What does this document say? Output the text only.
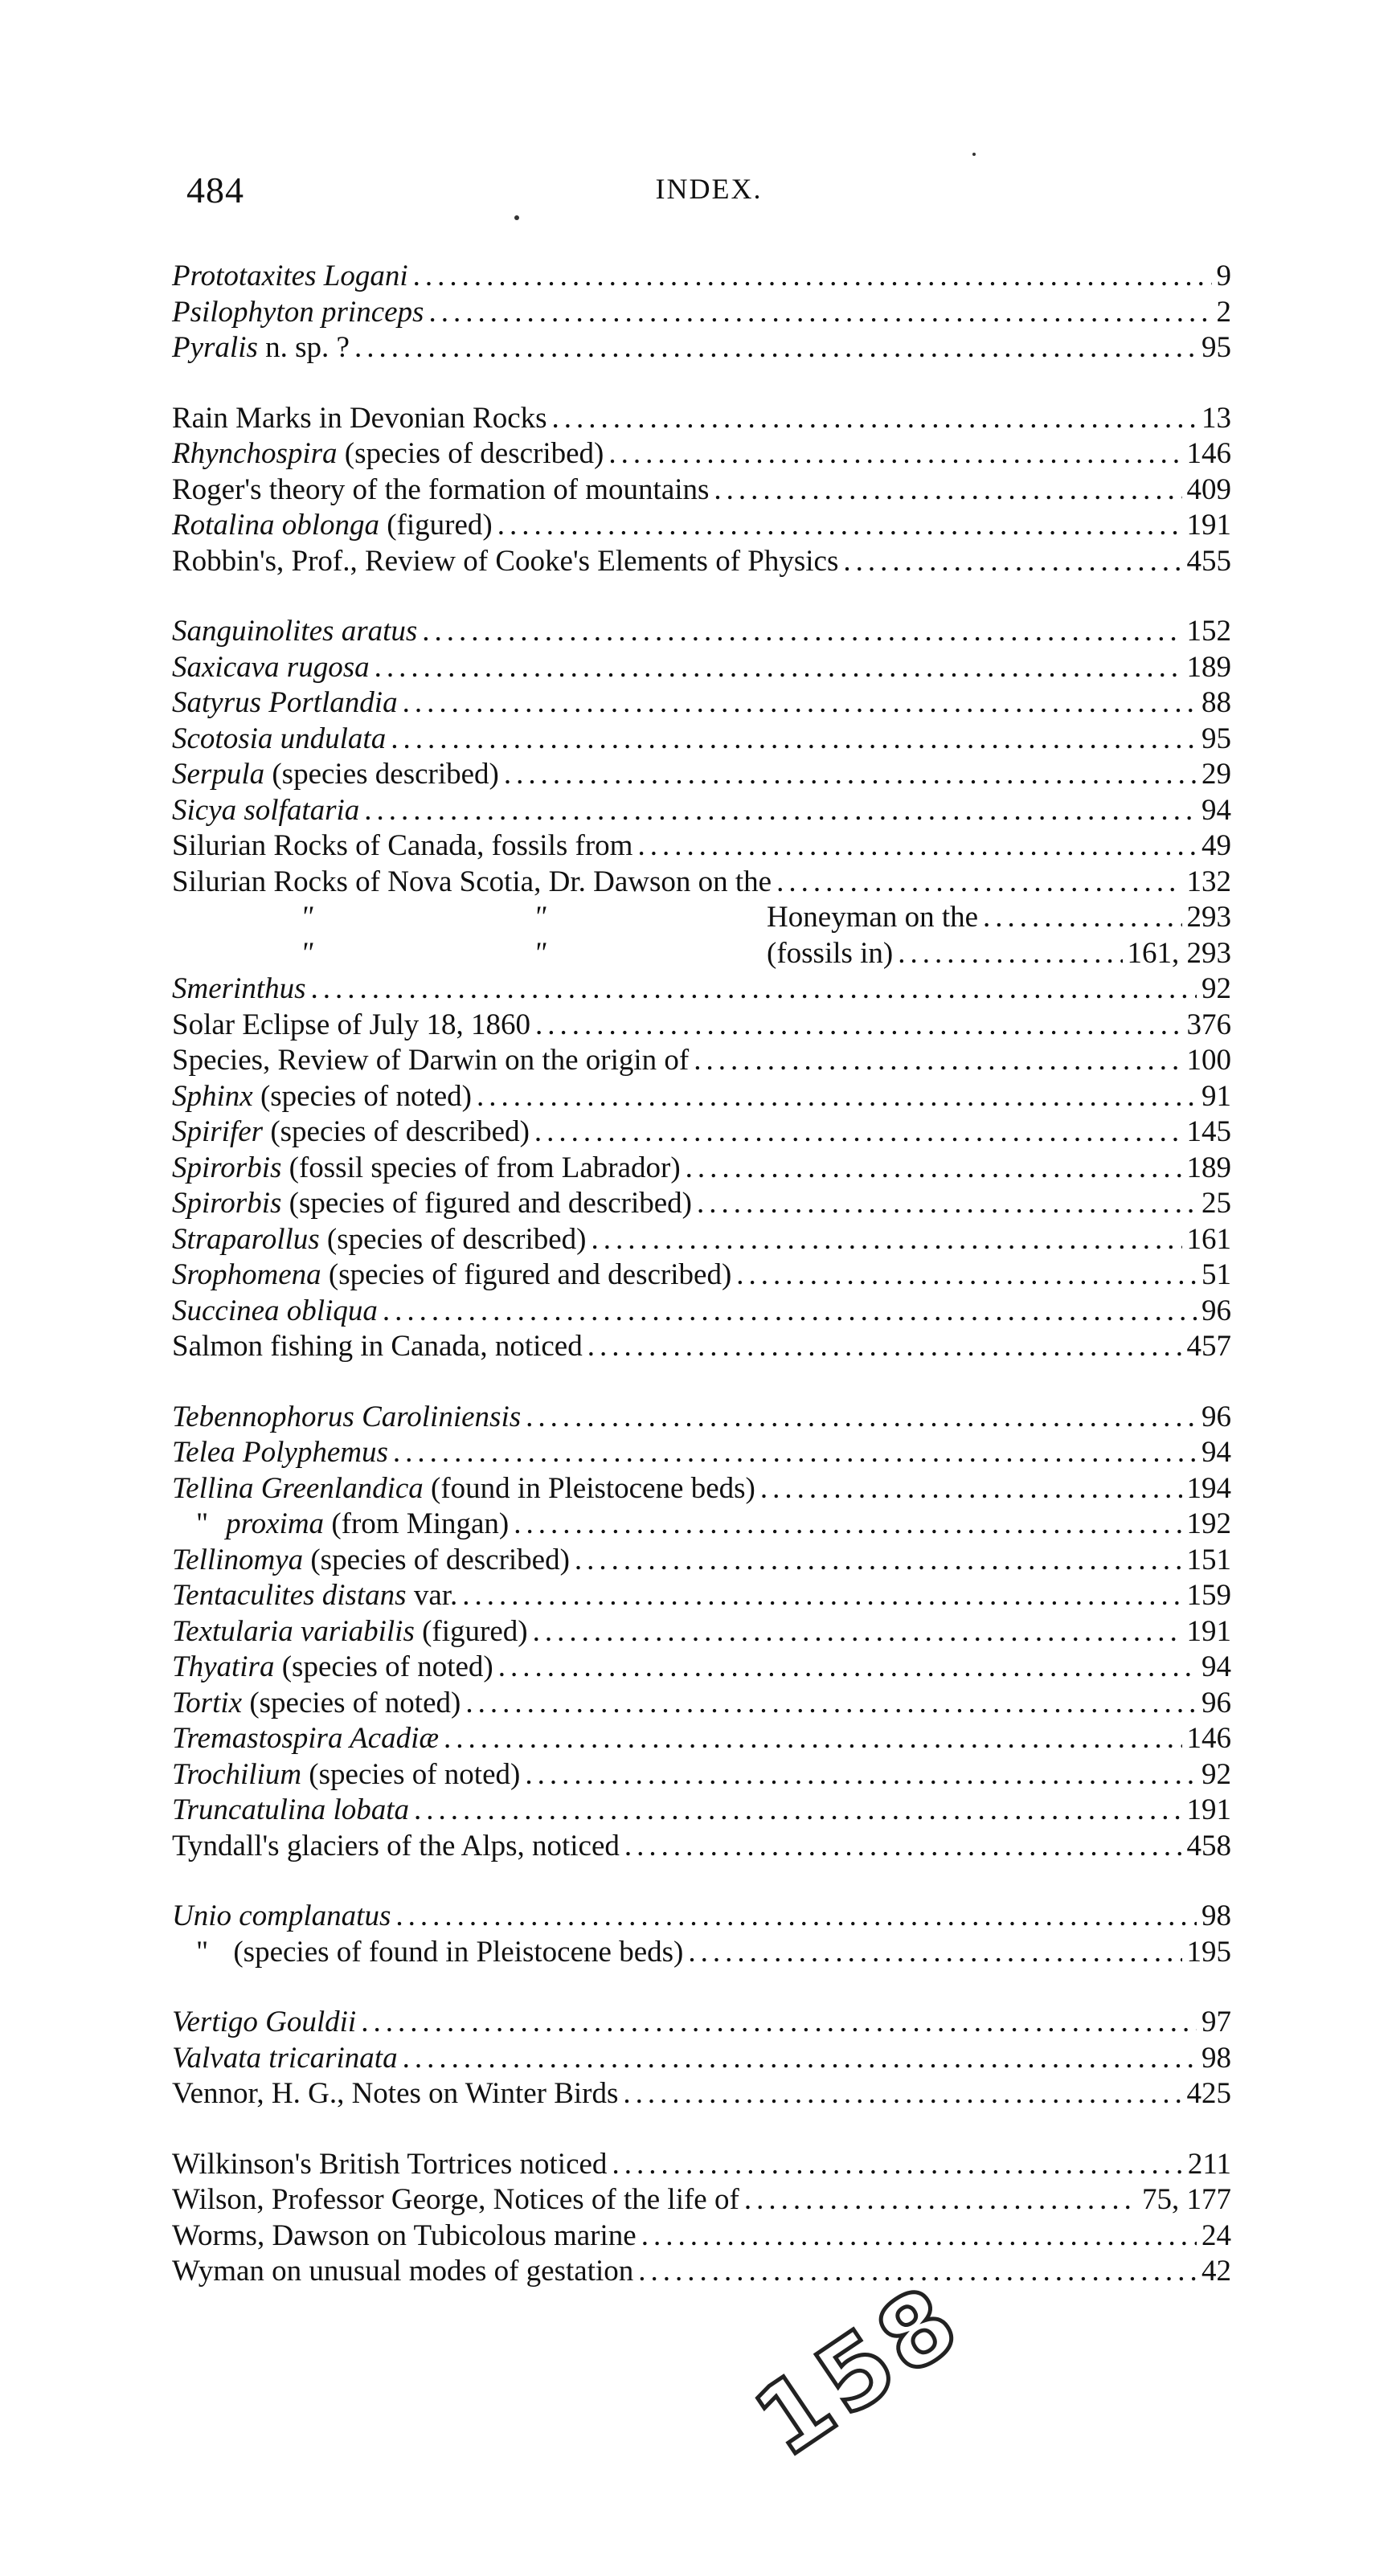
484	INDEX.
Prototaxites Logani .....	9
Psilophyton princeps .....	2
Pyralis n. sp. ? .....	95
Rain Marks in Devonian Rocks .....	13
Rhynchospira (species of described) .....	146
Roger's theory of the formation of mountains .....	409
Rotalina oblonga (figured) .....	191
Robbin's, Prof., Review of Cooke's Elements of Physics .....	455
Sanguinolites aratus .....	152
Saxicava rugosa .....	189
Satyrus Portlandia .....	88
Scotosia undulata .....	95
Serpula (species described) .....	29
Sicya solfataria .....	94
Silurian Rocks of Canada, fossils from .....	49
Silurian Rocks of Nova Scotia, Dr. Dawson on the .....	132
"	"	Honeyman on the .....	293
"	"	(fossils in) .....	161, 293
Smerinthus .....	92
Solar Eclipse of July 18, 1860 .....	376
Species, Review of Darwin on the origin of .....	100
Sphinx (species of noted) .....	91
Spirifer (species of described) .....	145
Spirorbis (fossil species of from Labrador) .....	189
Spirorbis (species of figured and described) .....	25
Straparollus (species of described) .....	161
Srophomena (species of figured and described) .....	51
Succinea obliqua .....	96
Salmon fishing in Canada, noticed .....	457
Tebennophorus Caroliniensis .....	96
Telea Polyphemus .....	94
Tellina Greenlandica (found in Pleistocene beds) .....	194
" proxima (from Mingan) .....	192
Tellinomya (species of described) .....	151
Tentaculites distans var. .....	159
Textularia variabilis (figured) .....	191
Thyatira (species of noted) .....	94
Tortix (species of noted) .....	96
Tremastospira Acadiæ .....	146
Trochilium (species of noted) .....	92
Truncatulina lobata .....	191
Tyndall's glaciers of the Alps, noticed .....	458
Unio complanatus .....	98
" (species of found in Pleistocene beds) .....	195
Vertigo Gouldii .....	97
Valvata tricarinata .....	98
Vennor, H. G., Notes on Winter Birds .....	425
Wilkinson's British Tortrices noticed .....	211
Wilson, Professor George, Notices of the life of .....	75, 177
Worms, Dawson on Tubicolous marine .....	24
Wyman on unusual modes of gestation .....	42
158
